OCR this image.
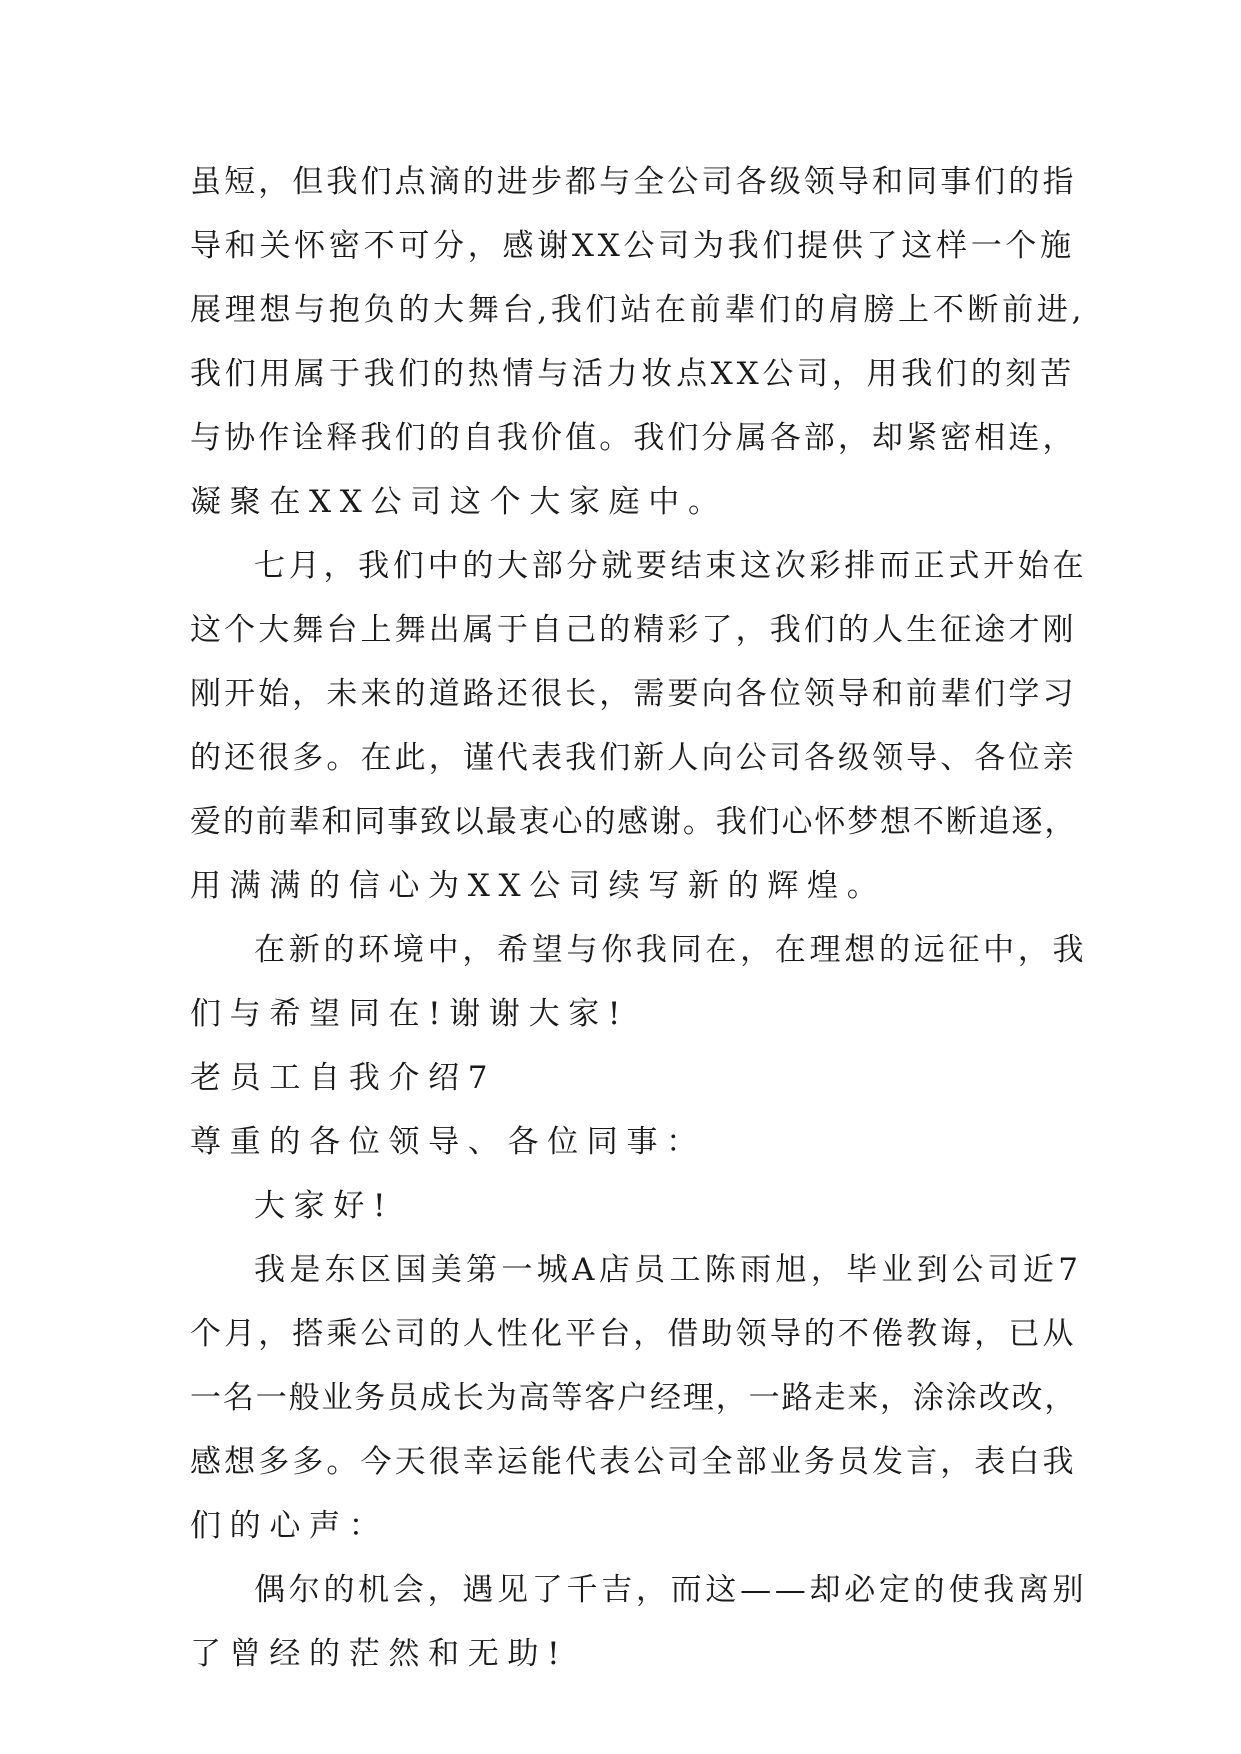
虽短，但我们点滴的进步都与全公司各级领导和同事们的指
导和关怀密不可分，感谢XX公司为我们提供了这样一个施
展理想与抱负的大舞台,我们站在前辈们的肩膀上不断前进,
我们用属于我们的热情与活力妆点XX公司，用我们的刻苦
与协作诠释我们的自我价值。我们分属各部，却紧密相连，
凝聚在XX公司这个大家庭中。
七月，我们中的大部分就要结束这次彩排而正式开始在
这个大舞台上舞出属于自己的精彩了，我们的人生征途才刚
刚开始，未来的道路还很长，需要向各位领导和前辈们学习
的还很多。在此，谨代表我们新人向公司各级领导、各位亲
爱的前辈和同事致以最衷心的感谢。我们心怀梦想不断追逐，
用满满的信心为XX公司续写新的辉煌。
在新的环境中，希望与你我同在，在理想的远征中，我
们与希望同在!谢谢大家!
老员工自我介绍7
尊重的各位领导、各位同事：
大家好!
我是东区国美第一城A店员工陈雨旭，毕业到公司近7
个月，搭乘公司的人性化平台，借助领导的不倦教诲，已从
一名一般业务员成长为高等客户经理，一路走来，涂涂改改，
感想多多。今天很幸运能代表公司全部业务员发言，表白我
们的心声：
偶尔的机会，遇见了千吉，而这——却必定的使我离别
了曾经的茫然和无助!
